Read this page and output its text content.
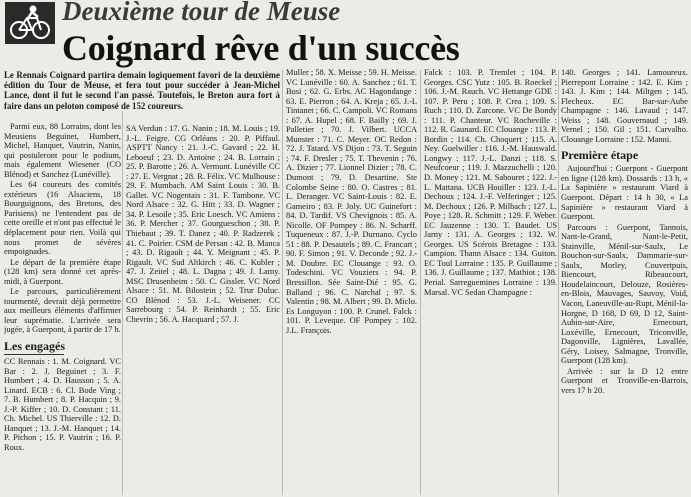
Deuxième tour de Meuse
Coignard rêve d'un succès
Le Rennais Coignard partira demain logiquement favori de la deuxième édition du Tour de Meuse, et fera tout pour succéder à Jean-Michel Lance, dont il fut le second l'an passé. Toutefois, le Breton aura fort à faire dans un peloton composé de 152 coureurs.

Parmi eux, 88 Lorrains, dont les Meusiens Beguinet, Humbert, Michel, Hanquet, Vautrin, Nanin, qui postuleront pour le podium, mais également Wiesener (CO Blénod) et Sanchez (Lunéville).

Les 64 coureurs des comités extérieurs (16 Alsaciens, 18 Bourguignons, des Bretons, des Parisiens) ne l'entendent pas de cette oreille et n'ont pas effectué le déplacement pour rien. Voilà qui nous promet de sévères empoignades.

Le départ de la première étape (128 km) sera donné cet après-midi, à Guerpont.

Le parcours, particulièrement tourmenté, devrait déjà permettre aux meilleurs éléments d'affirmer leur suprématie. L'arrivée sera jugée, à Guerpont, à partir de 17 h.

Les engagés

CC Rennais : 1. M. Coignard. VC Bar : 2. J. Beguinet ; 3. F. Humbert ; 4. D. Hausson ; 5. A. Linard. ECB : 6. Cl. Bode Ving ; 7. B. Humbert ; 8. P. Hacquin ; 9. J.-P. Kiffer ; 10. D. Constant ; 11. Ch. Michel. US Thierville : 12. D. Hanquet ; 13. J.-M. Hanquet ; 14. P. Pichon ; 15. P. Vautrin ; 16. P. Roux.

SA Verdun : 17. G. Nanin ; 18. M. Louis ; 19. J.-L. Feigre. CG Orléans : 20. P. Piffaul. ASPTT Nancy : 21. J.-C. Gavard ; 22. H. Leboeuf ; 23. D. Antoine ; 24. B. Lorrain ; 25. P. Barotte ; 26. A. Vermunt. Lunéville CC : 27. E. Vergnat ; 28. R. Félix. VC Mulhouse : 29. F. Mumbach. AM Saint Louis : 30. B. Gallet. VC Nogentais : 31. F. Tambone. VC Nord Alsace : 32. G. Hitt ; 33. D. Wagner ; 34. P. Lesoile ; 35. Eric Loesch. VC Amiens : 36. P. Mercher ; 37. Gourgueschon ; 38. P. Thiebaut ; 39. T. Danez ; 40. P. Radzerek ; 41. C. Poirier. CSM de Persan : 42. B. Manca ; 43. D. Rigault ; 44. Y. Meignant ; 45. P. Rigault. VC Sud Altkirch : 46. C. Kubler ; 47. J. Zeitel ; 48. L. Dagna ; 49. J. Lamy. MSC Drusenheim : 50. C. Gissler. VC Nord Alsace : 51. M. Bilostein ; 52. Trur Duluc. CO Blénod : 53. J.-L. Weisener. CC Sarrebourg : 54. P. Reinhardt ; 55. Eric Chevrin ; 56. A. Hacquard ; 57. J.

Muller ; 58. X. Meisse ; 59. H. Meisse. VC Lunéville : 60. A. Sanchez ; 61. T. Busi ; 62. G. Erbs. AC Hagondange : 63. E. Pierron ; 64. A. Kreja ; 65. J.-L Tintanet ; 66. C. Campoli. VC Romans : 67. A. Hupel ; 68. F. Bailly ; 69. J. Palletier ; 70. J. Vilbert. UCCA Munster : 71. C. Meyer. OC Redon : 72. J. Tatard. VS Dijon : 73. T. Seguin ; 74. F. Dresler ; 75. T. Thevenin ; 76. A. Dizier ; 77. Lionnel Dizier ; 78. C. Dumont ; 79. D. Desartine. Ste Colombe Seine : 80. O. Castres ; 81. L. Deranger. VC Saint-Louis : 82. E. Gameiro ; 83. P. Joly. UC Guinefort : 84. D. Tardif. VS Chevignois : 85. A. Nicolle. OF Pompey : 86. N. Scharff. Tuqueneux : 87. J.-P. Durnano. Cyclo 51 : 88. P. Desautels ; 89. C. Francart ; 90. F. Simon ; 91. V. Deconde ; 92. J.-M. Doubre. EC Clouange : 93. O. Todeschini. VC Vouziers : 94. P. Bressillon. Sée Saint-Dié : 95. G. Balland ; 96. C. Narchal ; 97. S. Valentin ; 98. M. Albert ; 99. D. Miclo. Es Longuyon : 100. P. Crunel. Falck : 101. P. Leveque. OF Pompey : 102. J.L. François.

Falck : 103. P. Tremlet ; 104. P. Georges. CSC Yutz : 105. B. Roeckel ; 106. J.-M. Rauch. VC Hettange GDE : 107. P. Peru ; 108. P. Crea ; 109. S. Ruch ; 110. D. Zarcone. VC De Bondy : 111. P. Chanteur. VC Rocheville : 112. R. Gaunard. EC Clouange : 113. P. Bordin ; 114. Ch. Choquert ; 115. A. Ney. Guelwiller : 116. J.-M. Hauswald. Longwy : 117. J.-L. Danzi ; 118. S. Neufcoeur ; 119. J. Mazzuchelli ; 120. D. Money ; 121. M. Sabouret ; 122. J.-L. Mattana. UCB Houiller : 123. J.-L. Dechoux ; 124. J.-F. Velferinger ; 125. M. Dechoux ; 126. P. Milbach ; 127. L. Poye ; 128. R. Schmitt ; 129. F. Weber. EC Jauzenne : 130. T. Baudet. US Jarny : 131. A. Georges ; 132. W. Georges. US Scérois Bretagne : 133. Campion. Thann Alsace : 134. Guiton. EC Toul Lorraine : 135. P. Guillaume ; 136. J. Guillaume ; 137. Mathiot ; 138. Perial. Sarreguemines Lorraine : 139. Marsal. VC Sedan Champagne :

140. Georges ; 141. Lamoureux. Pierrepont Lorraine : 142. E. Kim ; 143. J. Kim ; 144. Miltgen ; 145. Flecheux. EC Bar-sur-Aube Champagne : 146. Lavaud ; 147. Weiss ; 148. Gouvernaud ; 149. Vernel ; 150. Gil ; 151. Carvalho. Clouange Lorraine : 152. Manni.

Première étape

Aujourd'hui : Guerpont - Guerpont en ligne (128 km). Dossards : 13 h, « La Sapinière » restaurant Viard à Guerpont. Départ : 14 h 30, « La Sapinière » restaurant Viard à Guerpont.

Parcours : Guerpont, Tannois, Nant-le-Grand, Nant-le-Petit, Stainville, Ménil-sur-Saulx, Le Bouchon-sur-Saulx, Dammarie-sur-Saulx, Morley, Couvertpuis, Biencourt, Ribeaucourt, Houdelaincourt, Delouze, Rosières-en-Blois, Mauvages, Sauvoy, Void, Vacon, Laneuville-au-Rupt, Ménil-la-Horgne, D 168, D 69, D 12, Saint-Aubin-sur-Aire, Ernecourt, Loxéville, Ernecourt, Triconville, Dagonville, Lignières, Lavallée, Géry, Loisey, Salmagne, Tronville, Guerpont (128 km).

Arrivée : sur la D 12 entre Guerpont et Tronville-en-Barrois, vers 17 h 20.
